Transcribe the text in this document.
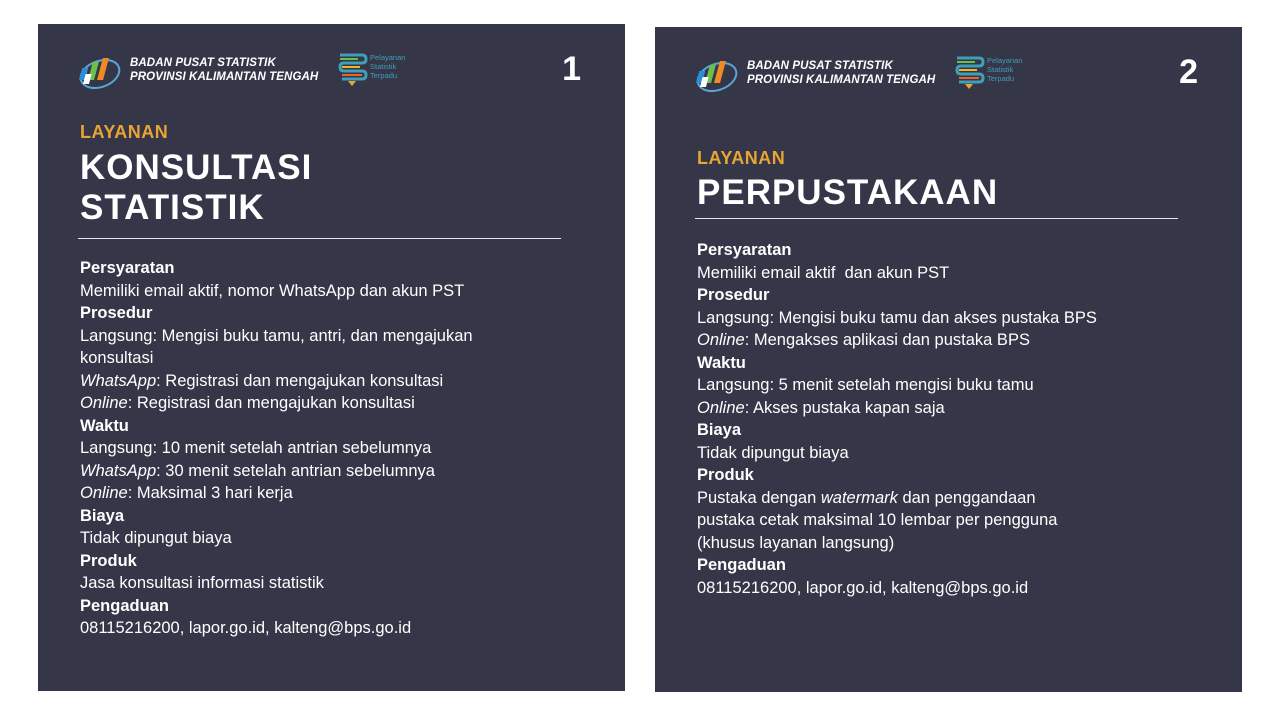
BADAN PUSAT STATISTIK
PROVINSI KALIMANTAN TENGAH
Pelayanan
Statistik
Terpadu	1
LAYANAN
KONSULTASI
STATISTIK
Persyaratan
Memiliki email aktif, nomor WhatsApp dan akun PST
Prosedur
Langsung: Mengisi buku tamu, antri, dan mengajukan
konsultasi
WhatsApp: Registrasi dan mengajukan konsultasi
Online: Registrasi dan mengajukan konsultasi
Waktu
Langsung: 10 menit setelah antrian sebelumnya
WhatsApp: 30 menit setelah antrian sebelumnya
Online: Maksimal 3 hari kerja
Biaya
Tidak dipungut biaya
Produk
Jasa konsultasi informasi statistik
Pengaduan
08115216200, lapor.go.id, kalteng@bps.go.id
BADAN PUSAT STATISTIK
PROVINSI KALIMANTAN TENGAH
Pelayanan
Statistik
Terpadu	2
LAYANAN
PERPUSTAKAAN
Persyaratan
Memiliki email aktif  dan akun PST
Prosedur
Langsung: Mengisi buku tamu dan akses pustaka BPS
Online: Mengakses aplikasi dan pustaka BPS
Waktu
Langsung: 5 menit setelah mengisi buku tamu
Online: Akses pustaka kapan saja
Biaya
Tidak dipungut biaya
Produk
Pustaka dengan watermark dan penggandaan
pustaka cetak maksimal 10 lembar per pengguna
(khusus layanan langsung)
Pengaduan
08115216200, lapor.go.id, kalteng@bps.go.id
